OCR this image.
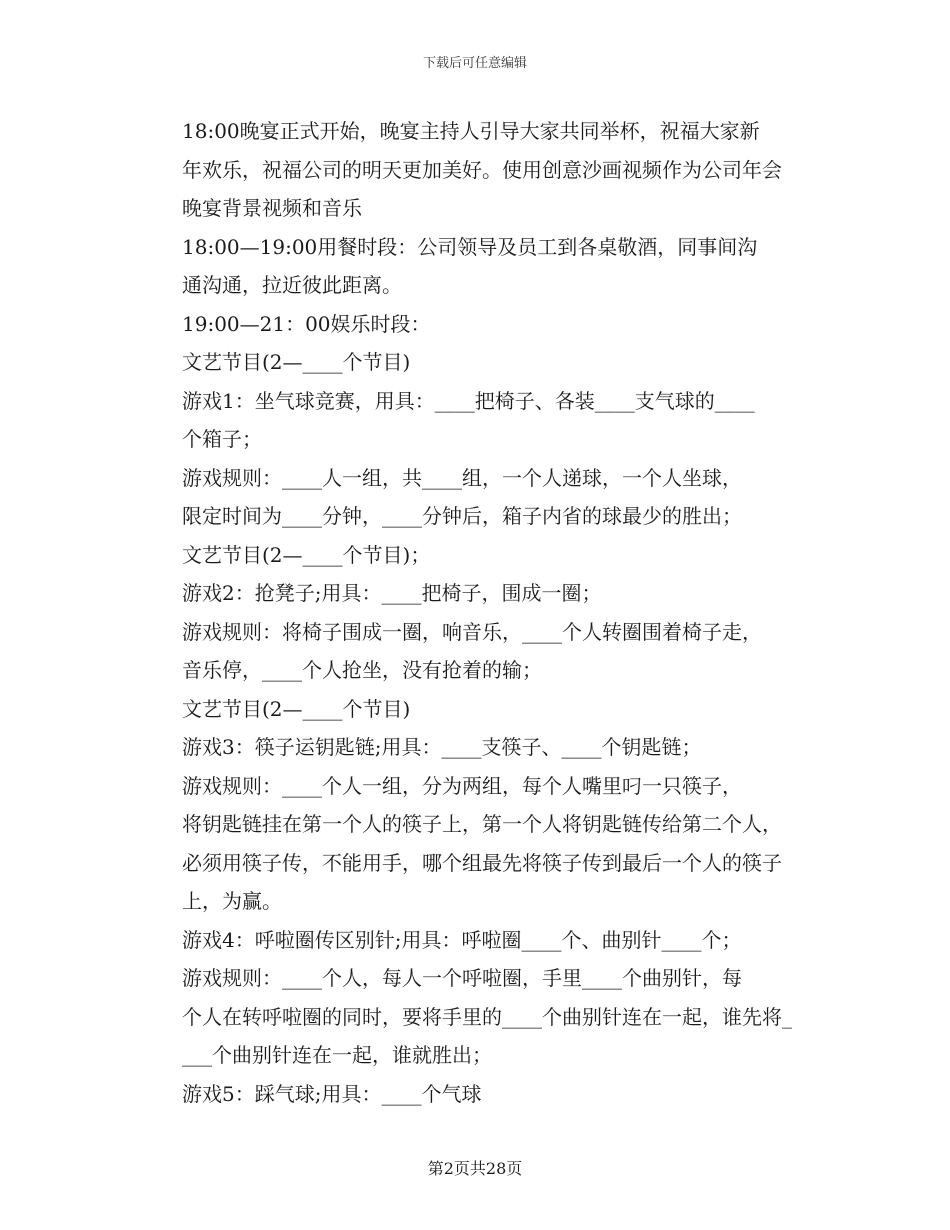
下载后可任意编辑

18:00晚宴正式开始，晚宴主持人引导大家共同举杯，祝福大家新
年欢乐，祝福公司的明天更加美好。使用创意沙画视频作为公司年会
晚宴背景视频和音乐

18:00—19:00用餐时段：公司领导及员工到各桌敬酒，同事间沟
通沟通，拉近彼此距离。

19:00—21：00娱乐时段：

文艺节目(2—____个节目)

游戏1：坐气球竞赛，用具：____把椅子、各装____支气球的____
个箱子；

游戏规则：____人一组，共____组，一个人递球，一个人坐球，
限定时间为____分钟，____分钟后，箱子内省的球最少的胜出；

文艺节目(2—____个节目)；

游戏2：抢凳子;用具：____把椅子，围成一圈；

游戏规则：将椅子围成一圈，响音乐，____个人转圈围着椅子走，
音乐停，____个人抢坐，没有抢着的输；

文艺节目(2—____个节目)

游戏3：筷子运钥匙链;用具：____支筷子、____个钥匙链；

游戏规则：____个人一组，分为两组，每个人嘴里叼一只筷子，
将钥匙链挂在第一个人的筷子上，第一个人将钥匙链传给第二个人，
必须用筷子传，不能用手，哪个组最先将筷子传到最后一个人的筷子
上，为赢。

游戏4：呼啦圈传区别针;用具：呼啦圈____个、曲别针____个；

游戏规则：____个人，每人一个呼啦圈，手里____个曲别针，每
个人在转呼啦圈的同时，要将手里的____个曲别针连在一起，谁先将_
___个曲别针连在一起，谁就胜出；

游戏5：踩气球;用具：____个气球

第2页共28页
